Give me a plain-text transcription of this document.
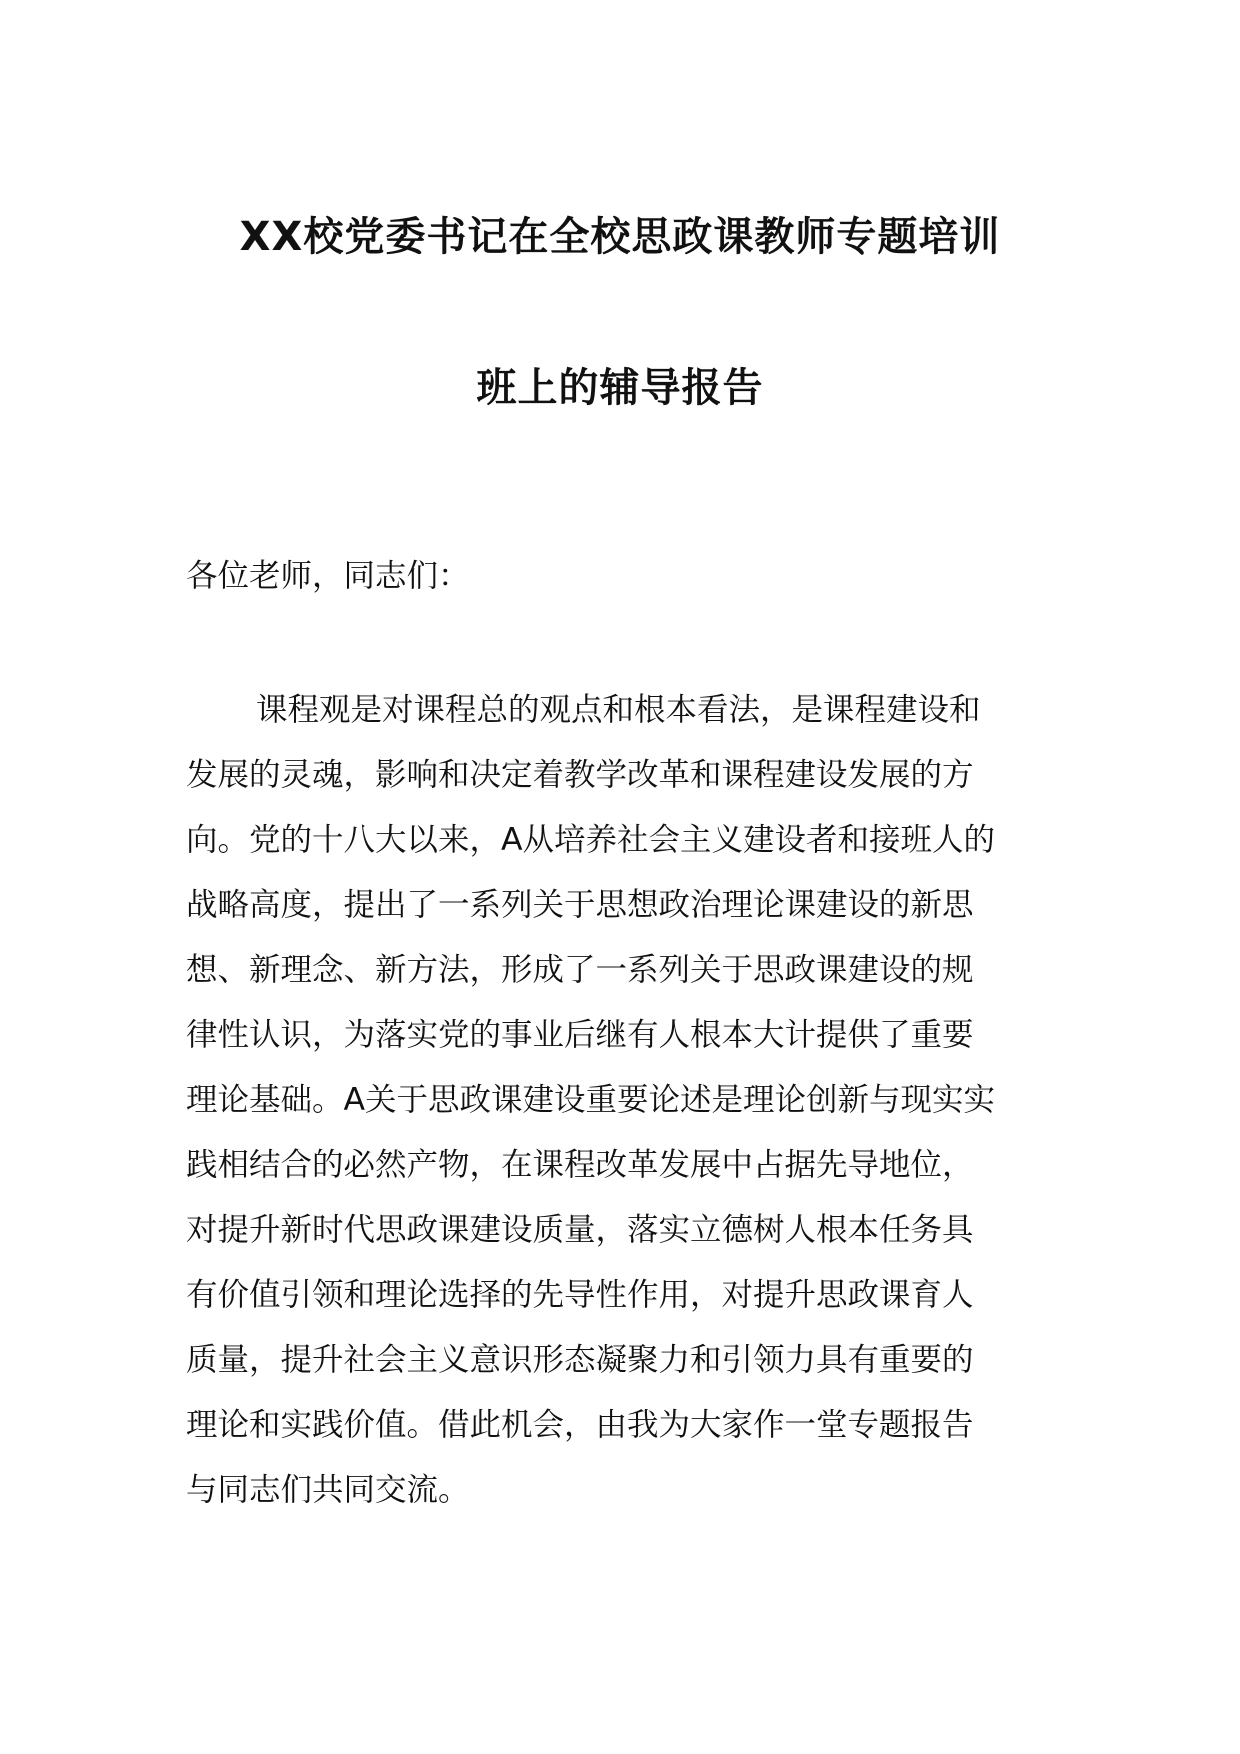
XX校党委书记在全校思政课教师专题培训
班上的辅导报告
各位老师，同志们：
课程观是对课程总的观点和根本看法，是课程建设和
发展的灵魂，影响和决定着教学改革和课程建设发展的方
向。党的十八大以来，A从培养社会主义建设者和接班人的
战略高度，提出了一系列关于思想政治理论课建设的新思
想、新理念、新方法，形成了一系列关于思政课建设的规
律性认识，为落实党的事业后继有人根本大计提供了重要
理论基础。A关于思政课建设重要论述是理论创新与现实实
践相结合的必然产物，在课程改革发展中占据先导地位，
对提升新时代思政课建设质量，落实立德树人根本任务具
有价值引领和理论选择的先导性作用，对提升思政课育人
质量，提升社会主义意识形态凝聚力和引领力具有重要的
理论和实践价值。借此机会，由我为大家作一堂专题报告
与同志们共同交流。
